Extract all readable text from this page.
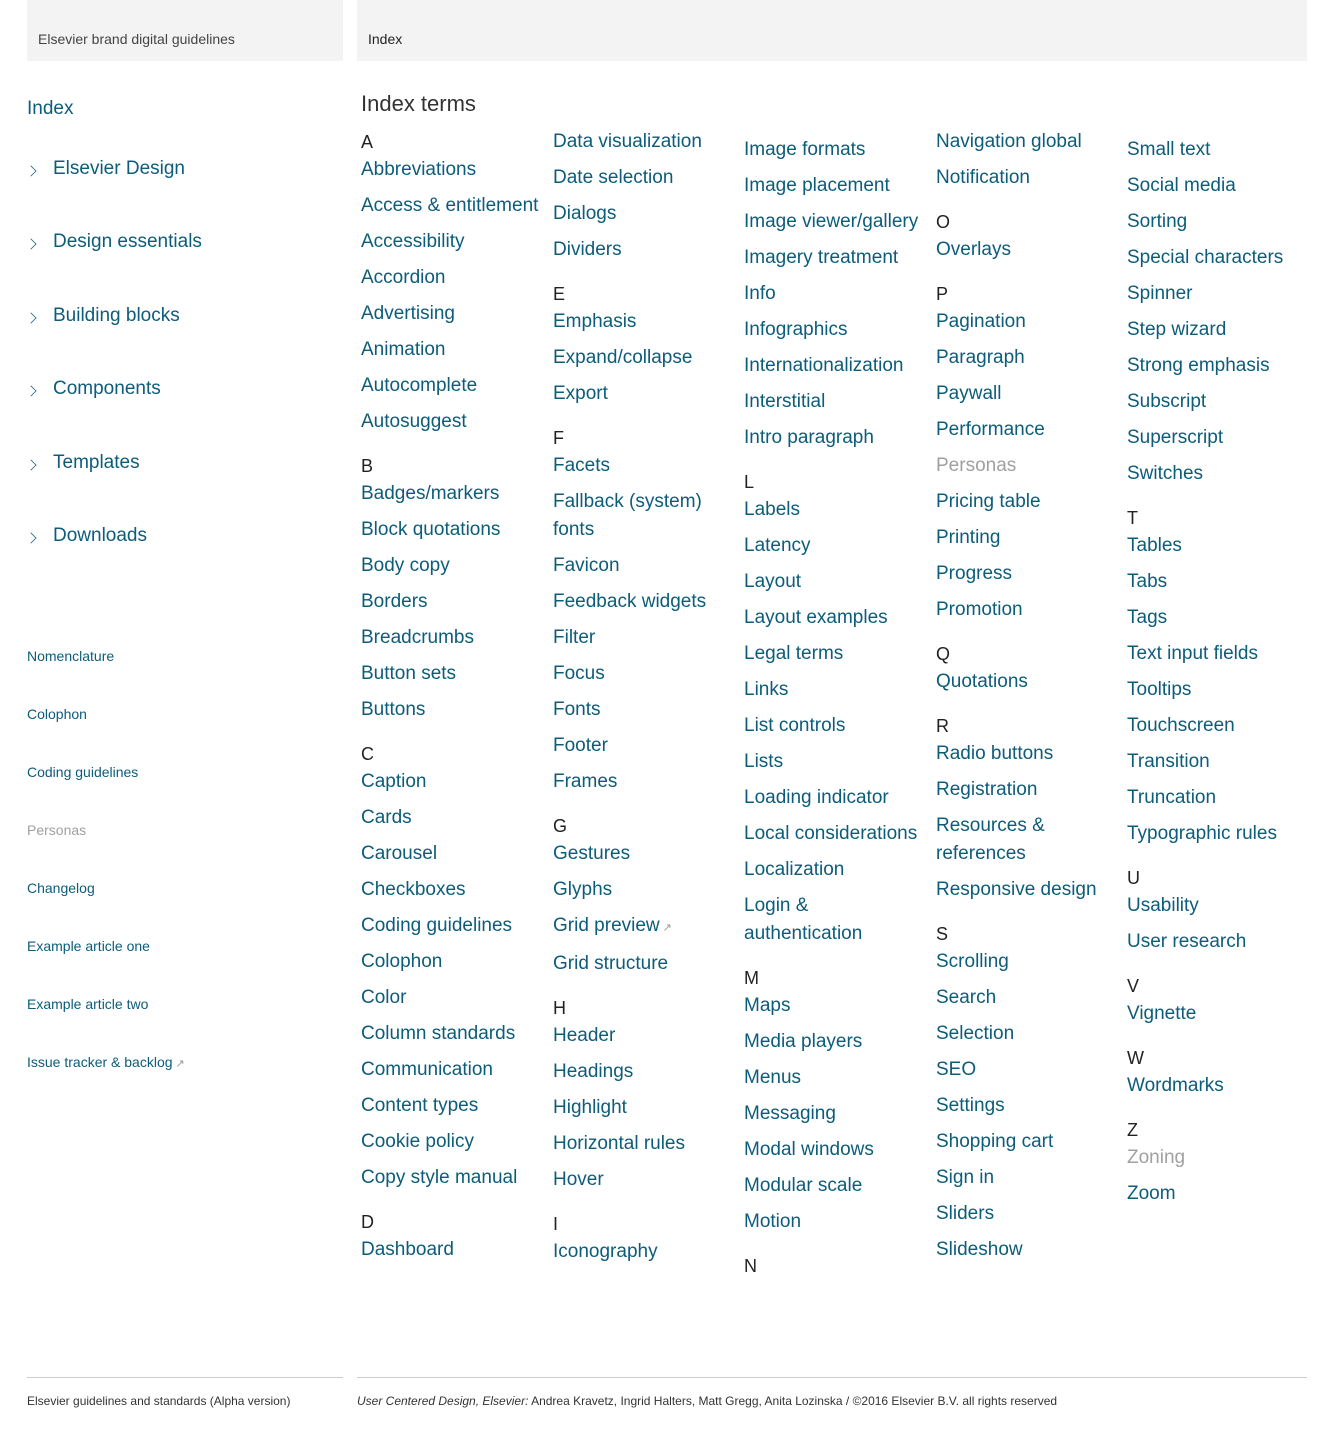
Elsevier brand digital guidelines	Index
Index
Elsevier Design
Design essentials
Building blocks
Components
Templates
Downloads
Nomenclature
Colophon
Coding guidelines
Personas
Changelog
Example article one
Example article two
Issue tracker & backlog ↗
Index terms
A
Abbreviations
Access & entitlement
Accessibility
Accordion
Advertising
Animation
Autocomplete
Autosuggest
B
Badges/markers
Block quotations
Body copy
Borders
Breadcrumbs
Button sets
Buttons
C
Caption
Cards
Carousel
Checkboxes
Coding guidelines
Colophon
Color
Column standards
Communication
Content types
Cookie policy
Copy style manual
D
Dashboard
Data visualization
Date selection
Dialogs
Dividers
E
Emphasis
Expand/collapse
Export
F
Facets
Fallback (system) fonts
Favicon
Feedback widgets
Filter
Focus
Fonts
Footer
Frames
G
Gestures
Glyphs
Grid preview ↗
Grid structure
H
Header
Headings
Highlight
Horizontal rules
Hover
I
Iconography
Image formats
Image placement
Image viewer/gallery
Imagery treatment
Info
Infographics
Internationalization
Interstitial
Intro paragraph
L
Labels
Latency
Layout
Layout examples
Legal terms
Links
List controls
Lists
Loading indicator
Local considerations
Localization
Login & authentication
M
Maps
Media players
Menus
Messaging
Modal windows
Modular scale
Motion
N
Navigation global
Notification
O
Overlays
P
Pagination
Paragraph
Paywall
Performance
Personas
Pricing table
Printing
Progress
Promotion
Q
Quotations
R
Radio buttons
Registration
Resources & references
Responsive design
S
Scrolling
Search
Selection
SEO
Settings
Shopping cart
Sign in
Sliders
Slideshow
Small text
Social media
Sorting
Special characters
Spinner
Step wizard
Strong emphasis
Subscript
Superscript
Switches
T
Tables
Tabs
Tags
Text input fields
Tooltips
Touchscreen
Transition
Truncation
Typographic rules
U
Usability
User research
V
Vignette
W
Wordmarks
Z
Zoning
Zoom
Elsevier guidelines and standards (Alpha version)	User Centered Design, Elsevier: Andrea Kravetz, Ingrid Halters, Matt Gregg, Anita Lozinska / ©2016 Elsevier B.V. all rights reserved
